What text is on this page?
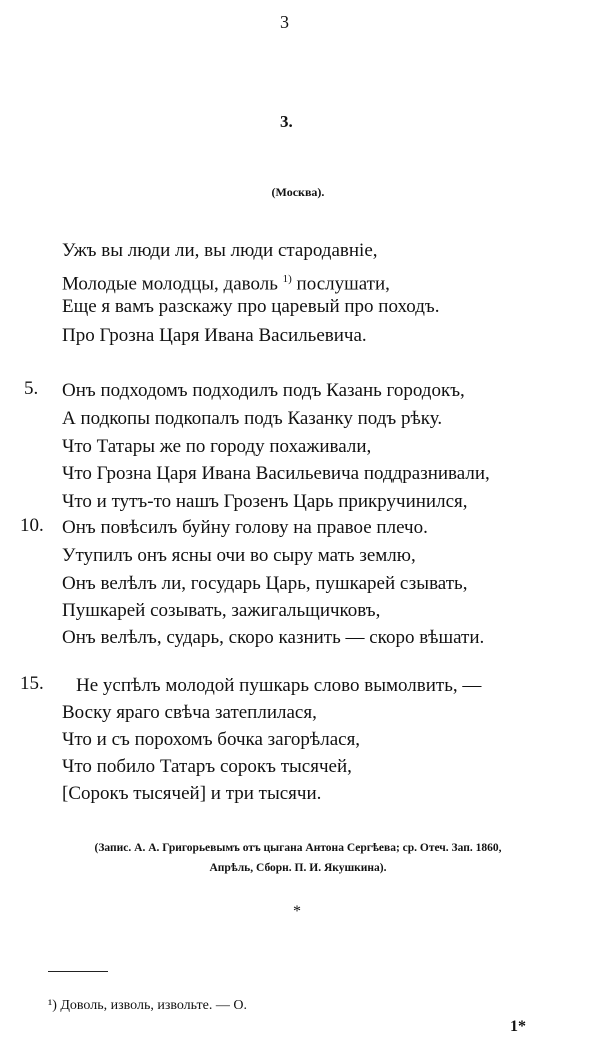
3
3.
(Москва).
Ужъ вы люди ли, вы люди стародавніе,
Молодые молодцы, даволь $^{1)}$ послушати,
Еще я вамъ разскажу про царевый про походъ.
Про Грозна Царя Ивана Васильевича.
5. Онъ подходомъ подходилъ подъ Казань городокъ,
А подкопы подкопалъ подъ Казанку подъ рѣку.
Что Татары же по городу похаживали,
Что Грозна Царя Ивана Васильевича поддразнивали,
Что и тутъ-то нашъ Грозенъ Царь прикручинился,
10. Онъ повѣсилъ буйну голову на правое плечо.
Утупилъ онъ ясны очи во сыру мать землю,
Онъ велѣлъ ли, государь Царь, пушкарей сзывать,
Пушкарей созывать, зажигальщичковъ,
Онъ велѣлъ, сударь, скоро казнить — скоро вѣшати.
15. Не успѣлъ молодой пушкарь слово вымолвить, —
Воску яраго свѣча затеплилася,
Что и съ порохомъ бочка загорѣлася,
Что побило Татаръ сорокъ тысячей,
[Сорокъ тысячей] и три тысячи.
(Запис. А. А. Григорьевымъ отъ цыгана Антона Сергѣева; ср. Отеч. Зап. 1860,
Апрѣль, Сборн. П. И. Якушкина).
*
¹) Доволь, изволь, извольте. — О.
1*
